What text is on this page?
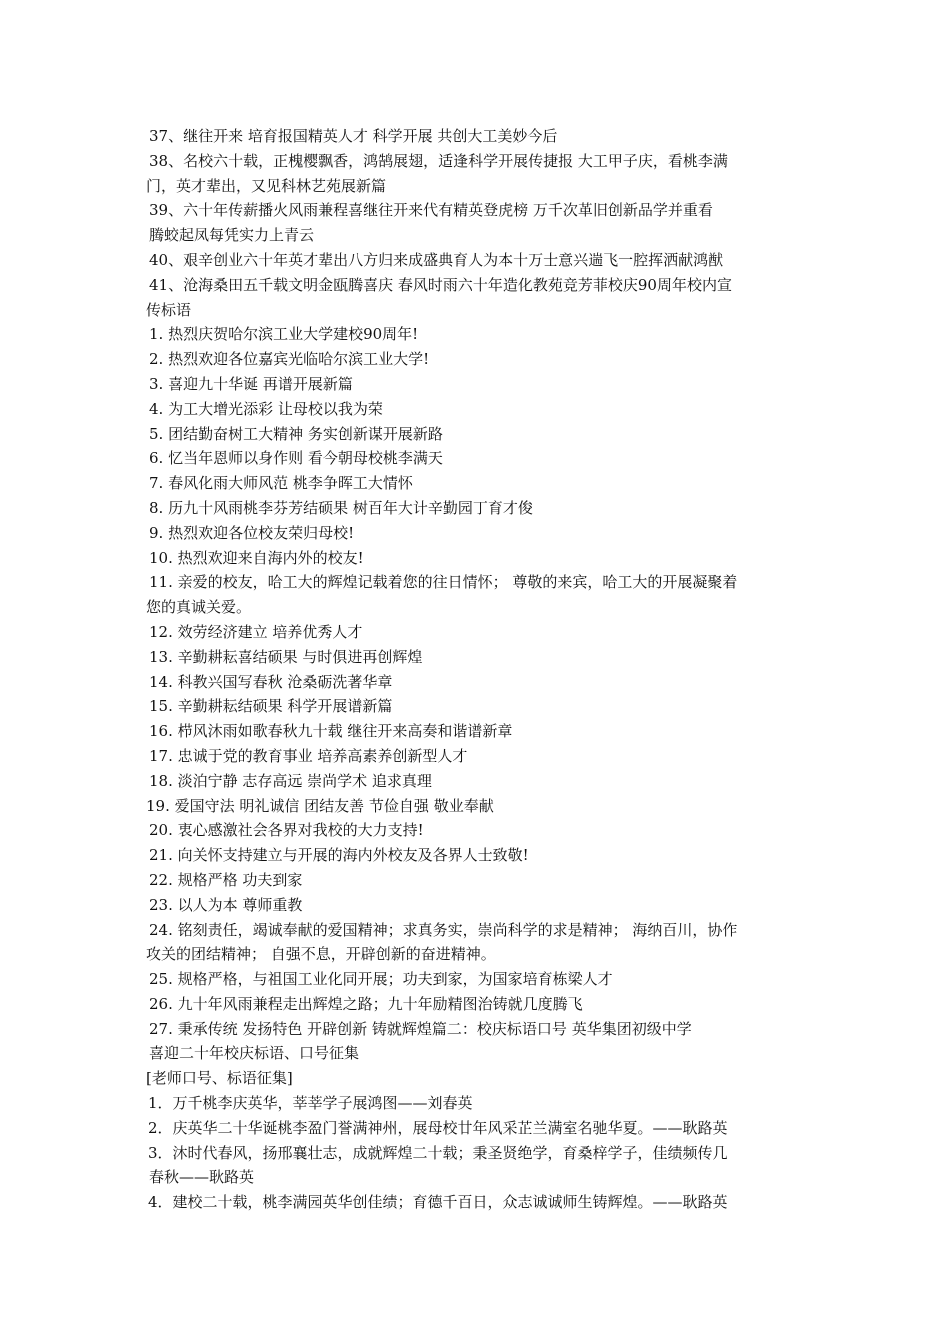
37、继往开来 培育报国精英人才 科学开展 共创大工美妙今后
38、名校六十载，正槐樱飘香，鸿鹄展翅，适逢科学开展传捷报 大工甲子庆，看桃李满
门，英才辈出，又见科林艺苑展新篇
39、六十年传薪播火风雨兼程喜继往开来代有精英登虎榜 万千次革旧创新品学并重看
腾蛟起凤每凭实力上青云
40、艰辛创业六十年英才辈出八方归来成盛典育人为本十万士意兴遄飞一腔挥洒献鸿猷
41、沧海桑田五千载文明金瓯腾喜庆 春风时雨六十年造化教苑竞芳菲校庆90周年校内宣
传标语
1. 热烈庆贺哈尔滨工业大学建校90周年!
2. 热烈欢迎各位嘉宾光临哈尔滨工业大学!
3. 喜迎九十华诞 再谱开展新篇
4. 为工大增光添彩 让母校以我为荣
5. 团结勤奋树工大精神 务实创新谋开展新路
6. 忆当年恩师以身作则 看今朝母校桃李满天
7. 春风化雨大师风范 桃李争晖工大情怀
8. 历九十风雨桃李芬芳结硕果 树百年大计辛勤园丁育才俊
9. 热烈欢迎各位校友荣归母校!
10. 热烈欢迎来自海内外的校友!
11. 亲爱的校友，哈工大的辉煌记载着您的往日情怀； 尊敬的来宾，哈工大的开展凝聚着
您的真诚关爱。
12. 效劳经济建立 培养优秀人才
13. 辛勤耕耘喜结硕果 与时俱进再创辉煌
14. 科教兴国写春秋 沧桑砺洗著华章
15. 辛勤耕耘结硕果 科学开展谱新篇
16. 栉风沐雨如歌春秋九十载 继往开来高奏和谐谱新章
17. 忠诚于党的教育事业 培养高素养创新型人才
18. 淡泊宁静 志存高远 崇尚学术 追求真理
19. 爱国守法 明礼诚信 团结友善 节俭自强 敬业奉献
20. 衷心感激社会各界对我校的大力支持!
21. 向关怀支持建立与开展的海内外校友及各界人士致敬!
22. 规格严格 功夫到家
23. 以人为本 尊师重教
24. 铭刻责任，竭诚奉献的爱国精神；求真务实，崇尚科学的求是精神； 海纳百川，协作
攻关的团结精神； 自强不息，开辟创新的奋进精神。
25. 规格严格，与祖国工业化同开展；功夫到家，为国家培育栋梁人才
26. 九十年风雨兼程走出辉煌之路；九十年励精图治铸就几度腾飞
27. 秉承传统 发扬特色 开辟创新 铸就辉煌篇二：校庆标语口号 英华集团初级中学
喜迎二十年校庆标语、口号征集
[老师口号、标语征集]
1．万千桃李庆英华，莘莘学子展鸿图——刘春英
2．庆英华二十华诞桃李盈门誉满神州，展母校廿年风采芷兰满室名驰华夏。——耿路英
3．沐时代春风，扬邢襄壮志，成就辉煌二十载；秉圣贤绝学，育桑梓学子，佳绩频传几
春秋——耿路英
4．建校二十载，桃李满园英华创佳绩；育德千百日，众志诚诚师生铸辉煌。——耿路英
